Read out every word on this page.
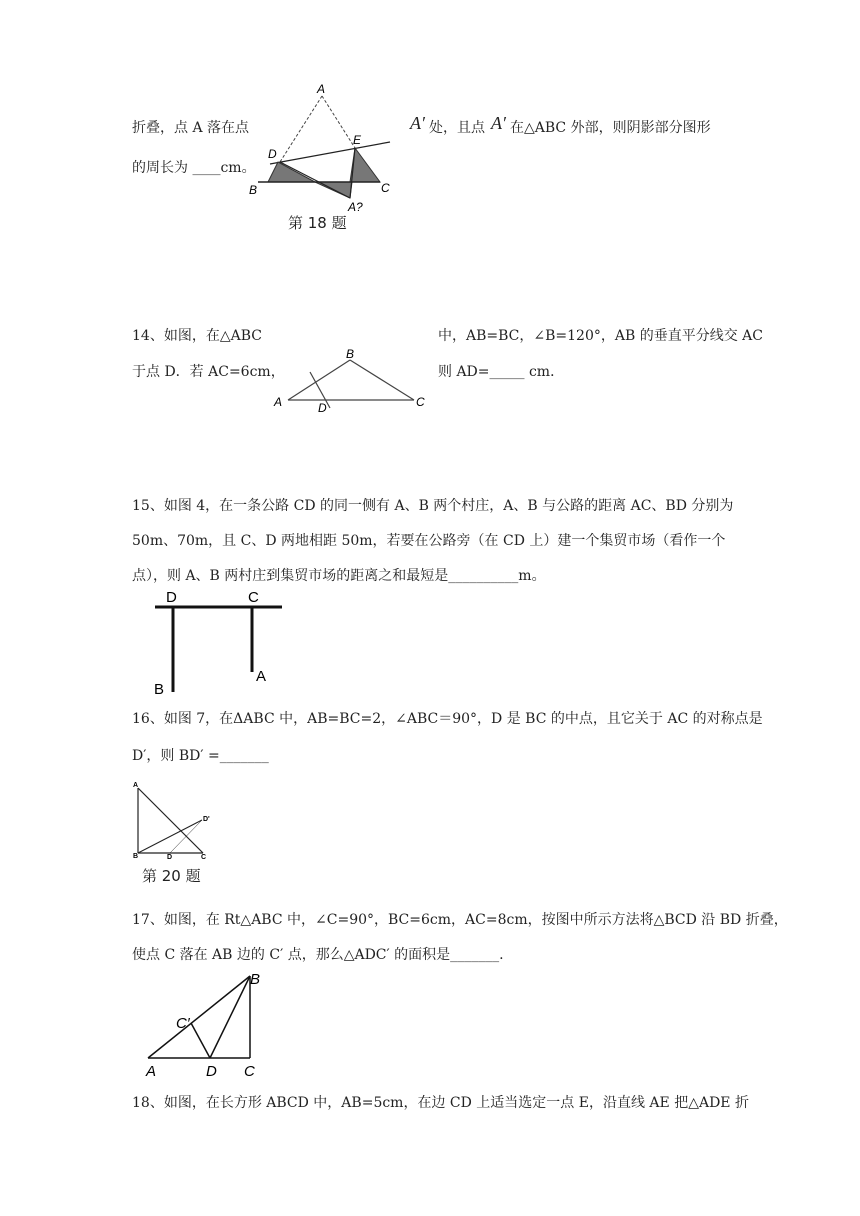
折叠，点 A 落在点	A′ 处，且点 A′ 在△ABC 外部，则阴影部分图形
的周长为 ____cm。
A
D
E
B	C
A?
第 18 题
14、如图，在△ABC	中，AB=BC，∠B=120°，AB 的垂直平分线交 AC
于点 D．若 AC=6cm，	则 AD=_____ cm．
B
A	C
D
15、如图 4，在一条公路 CD 的同一侧有 A、B 两个村庄，A、B 与公路的距离 AC、BD 分别为
50m、70m，且 C、D 两地相距 50m，若要在公路旁（在 CD 上）建一个集贸市场（看作一个
点），则 A、B 两村庄到集贸市场的距离之和最短是__________m。
D	C
A
B
16、如图 7，在ΔABC 中，AB=BC=2，∠ABC＝90°，D 是 BC 的中点，且它关于 AC 的对称点是
D′，则 BD′ =_______
A
B	D	C
D'
第 20 题
17、如图，在 Rt△ABC 中，∠C=90°，BC=6cm，AC=8cm，按图中所示方法将△BCD 沿 BD 折叠，
使点 C 落在 AB 边的 C′ 点，那么△ADC′ 的面积是_______.
B
C′
A	D C
18、如图，在长方形 ABCD 中，AB=5cm，在边 CD 上适当选定一点 E，沿直线 AE 把△ADE 折
